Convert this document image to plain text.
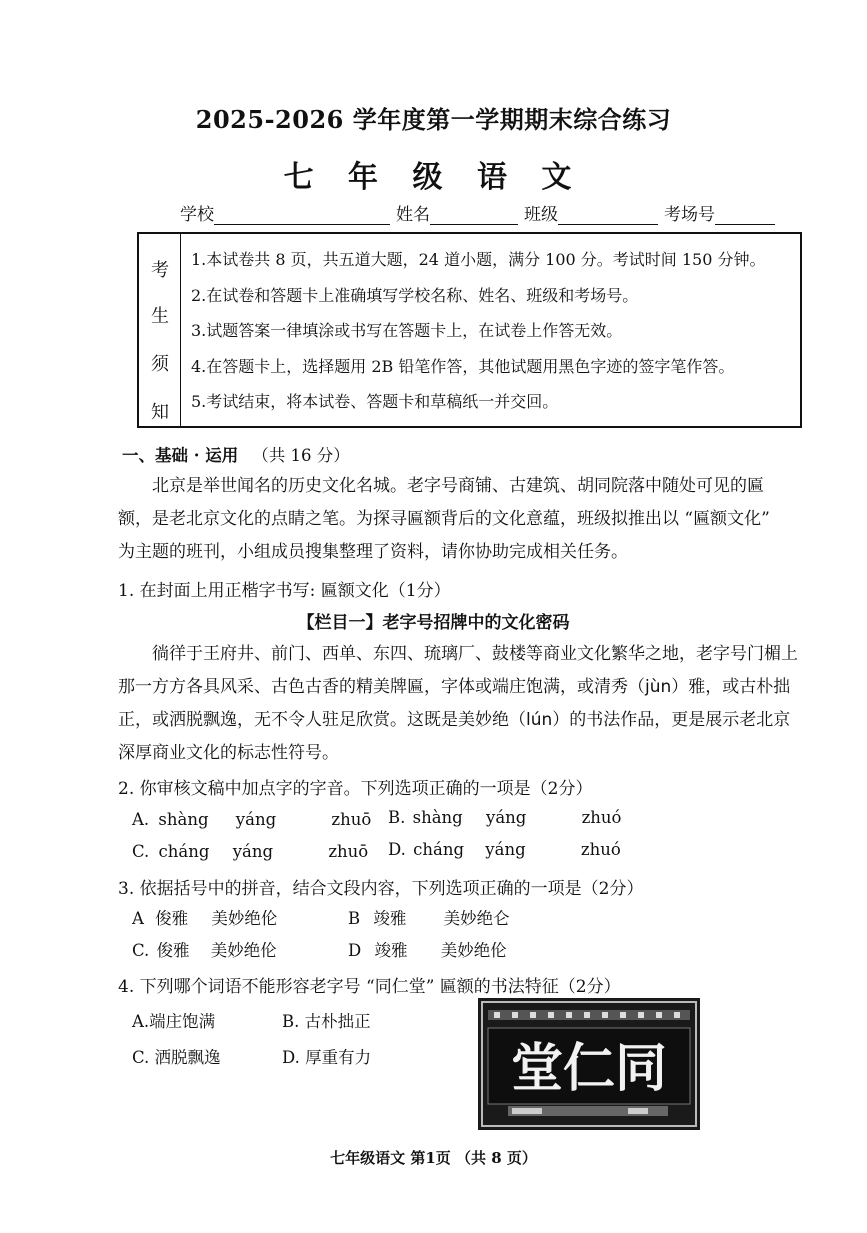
2025-2026 学年度第一学期期末综合练习
七 年 级 语 文
学校	姓名	班级	考场号
考
生
须
知
1.本试卷共 8 页，共五道大题，24 道小题，满分 100 分。考试时间 150 分钟。
2.在试卷和答题卡上准确填写学校名称、姓名、班级和考场号。
3.试题答案一律填涂或书写在答题卡上，在试卷上作答无效。
4.在答题卡上，选择题用 2B 铅笔作答，其他试题用黑色字迹的签字笔作答。
5.考试结束，将本试卷、答题卡和草稿纸一并交回。
一、基础 · 运用 （共 16 分）
北京是举世闻名的历史文化名城。老字号商铺、古建筑、胡同院落中随处可见的匾额，是老北京文化的点睛之笔。为探寻匾额背后的文化意蕴，班级拟推出以 “匾额文化” 为主题的班刊，小组成员搜集整理了资料，请你协助完成相关任务。
1. 在封面上用正楷字书写: 匾额文化（1分）
【栏目一】老字号招牌中的文化密码
徜徉于王府井、前门、西单、东四、琉璃厂、鼓楼等商业文化繁华之地，老字号门楣上那一方方各具风采、古色古香的精美牌匾，字体或端庄饱满，或清秀（jùn）雅，或古朴拙正，或洒脱飘逸，无不令人驻足欣赏。这既是美妙绝（lún）的书法作品，更是展示老北京深厚商业文化的标志性符号。
2. 你审核文稿中加点字的字音。下列选项正确的一项是（2分）
A. shàng yáng	zhuō B. shàng yáng	zhuó
C. cháng yáng	zhuō D. cháng yáng	zhuó
3. 依据括号中的拼音，结合文段内容，下列选项正确的一项是（2分）
A 俊雅 美妙绝伦	B 竣雅 美妙绝仑
C. 俊雅 美妙绝伦	D 竣雅 美妙绝伦
4. 下列哪个词语不能形容老字号 “同仁堂” 匾额的书法特征（2分）
A.端庄饱满	B. 古朴拙正
C. 洒脱飘逸	D. 厚重有力	堂仁同
七年级语文 第1页 （共 8 页）
